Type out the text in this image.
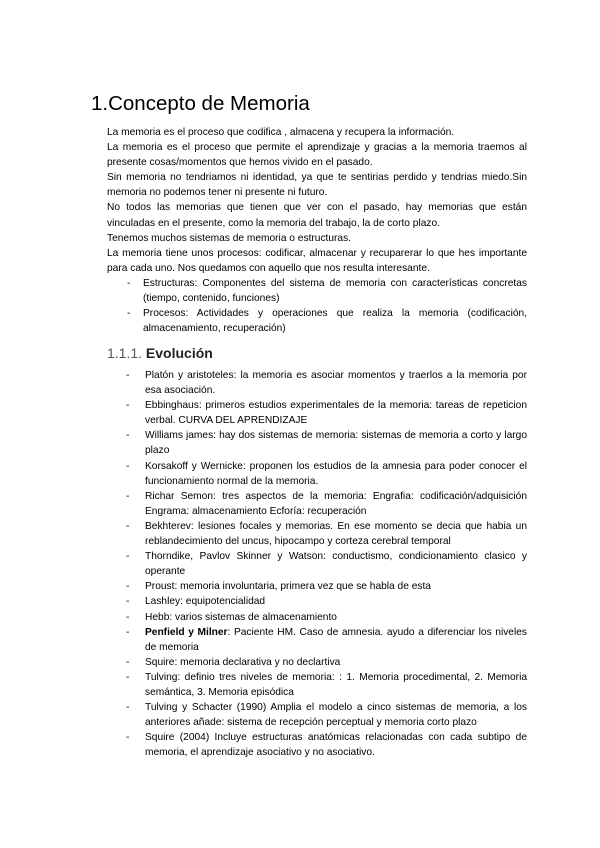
1.Concepto de Memoria

La memoria es el proceso que codifica , almacena y recupera la información.

La memoria es el proceso que permite el aprendizaje y gracias a la memoria traemos al presente cosas/momentos que hemos vivido en el pasado.

Sin memoria no tendriamos ni identidad, ya que te sentirias perdido y tendrias miedo.Sin memoria no podemos tener ni presente ni futuro.

No todos las memorias que tienen que ver con el pasado, hay memorias que están vinculadas en el presente, como la memoria del trabajo, la de corto plazo.

Tenemos muchos sistemas de memoria o estructuras.

La memoria tiene unos procesos: codificar, almacenar y recuparerar lo que hes importante para cada uno. Nos quedamos con aquello que nos resulta interesante.

- Estructuras: Componentes del sistema de memoria con características concretas (tiempo, contenido, funciones)
- Procesos: Actividades y operaciones que realiza la memoria (codificación, almacenamiento, recuperación)
1.1.1. Evolución
- Platón y aristoteles: la memoria es asociar momentos y traerlos a la memoria por esa asociación.
- Ebbinghaus: primeros estudios experimentales de la memoria: tareas de repeticion verbal. CURVA DEL APRENDIZAJE
- Williams james: hay dos sistemas de memoria: sistemas de memoria a corto y largo plazo
- Korsakoff y Wernicke: proponen los estudios de la amnesia para poder conocer el funcionamiento normal de la memoria.
- Richar Semon: tres aspectos de la memoria: Engrafia: codificación/adquisición Engrama: almacenamiento Ecforía: recuperación
- Bekhterev: lesiones focales y memorias. En ese momento se decia que habia un reblandecimiento del uncus, hipocampo y corteza cerebral temporal
- Thorndike, Pavlov Skinner y Watson: conductismo, condicionamiento clasico y operante
- Proust: memoria involuntaria, primera vez que se habla de esta
- Lashley: equipotencialidad
- Hebb: varios sistemas de almacenamiento
- Penfield y Milner: Paciente HM. Caso de amnesia. ayudo a diferenciar los niveles de memoria
- Squire: memoria declarativa y no declartiva
- Tulving: definio tres niveles de memoria: : 1. Memoria procedimental, 2. Memoria semántica, 3. Memoria episódica
- Tulving y Schacter (1990) Amplia el modelo a cinco sistemas de memoria, a los anteriores añade: sistema de recepción perceptual y memoria corto plazo
- Squire (2004) Incluye estructuras anatómicas relacionadas con cada subtipo de memoria, el aprendizaje asociativo y no asociativo.
